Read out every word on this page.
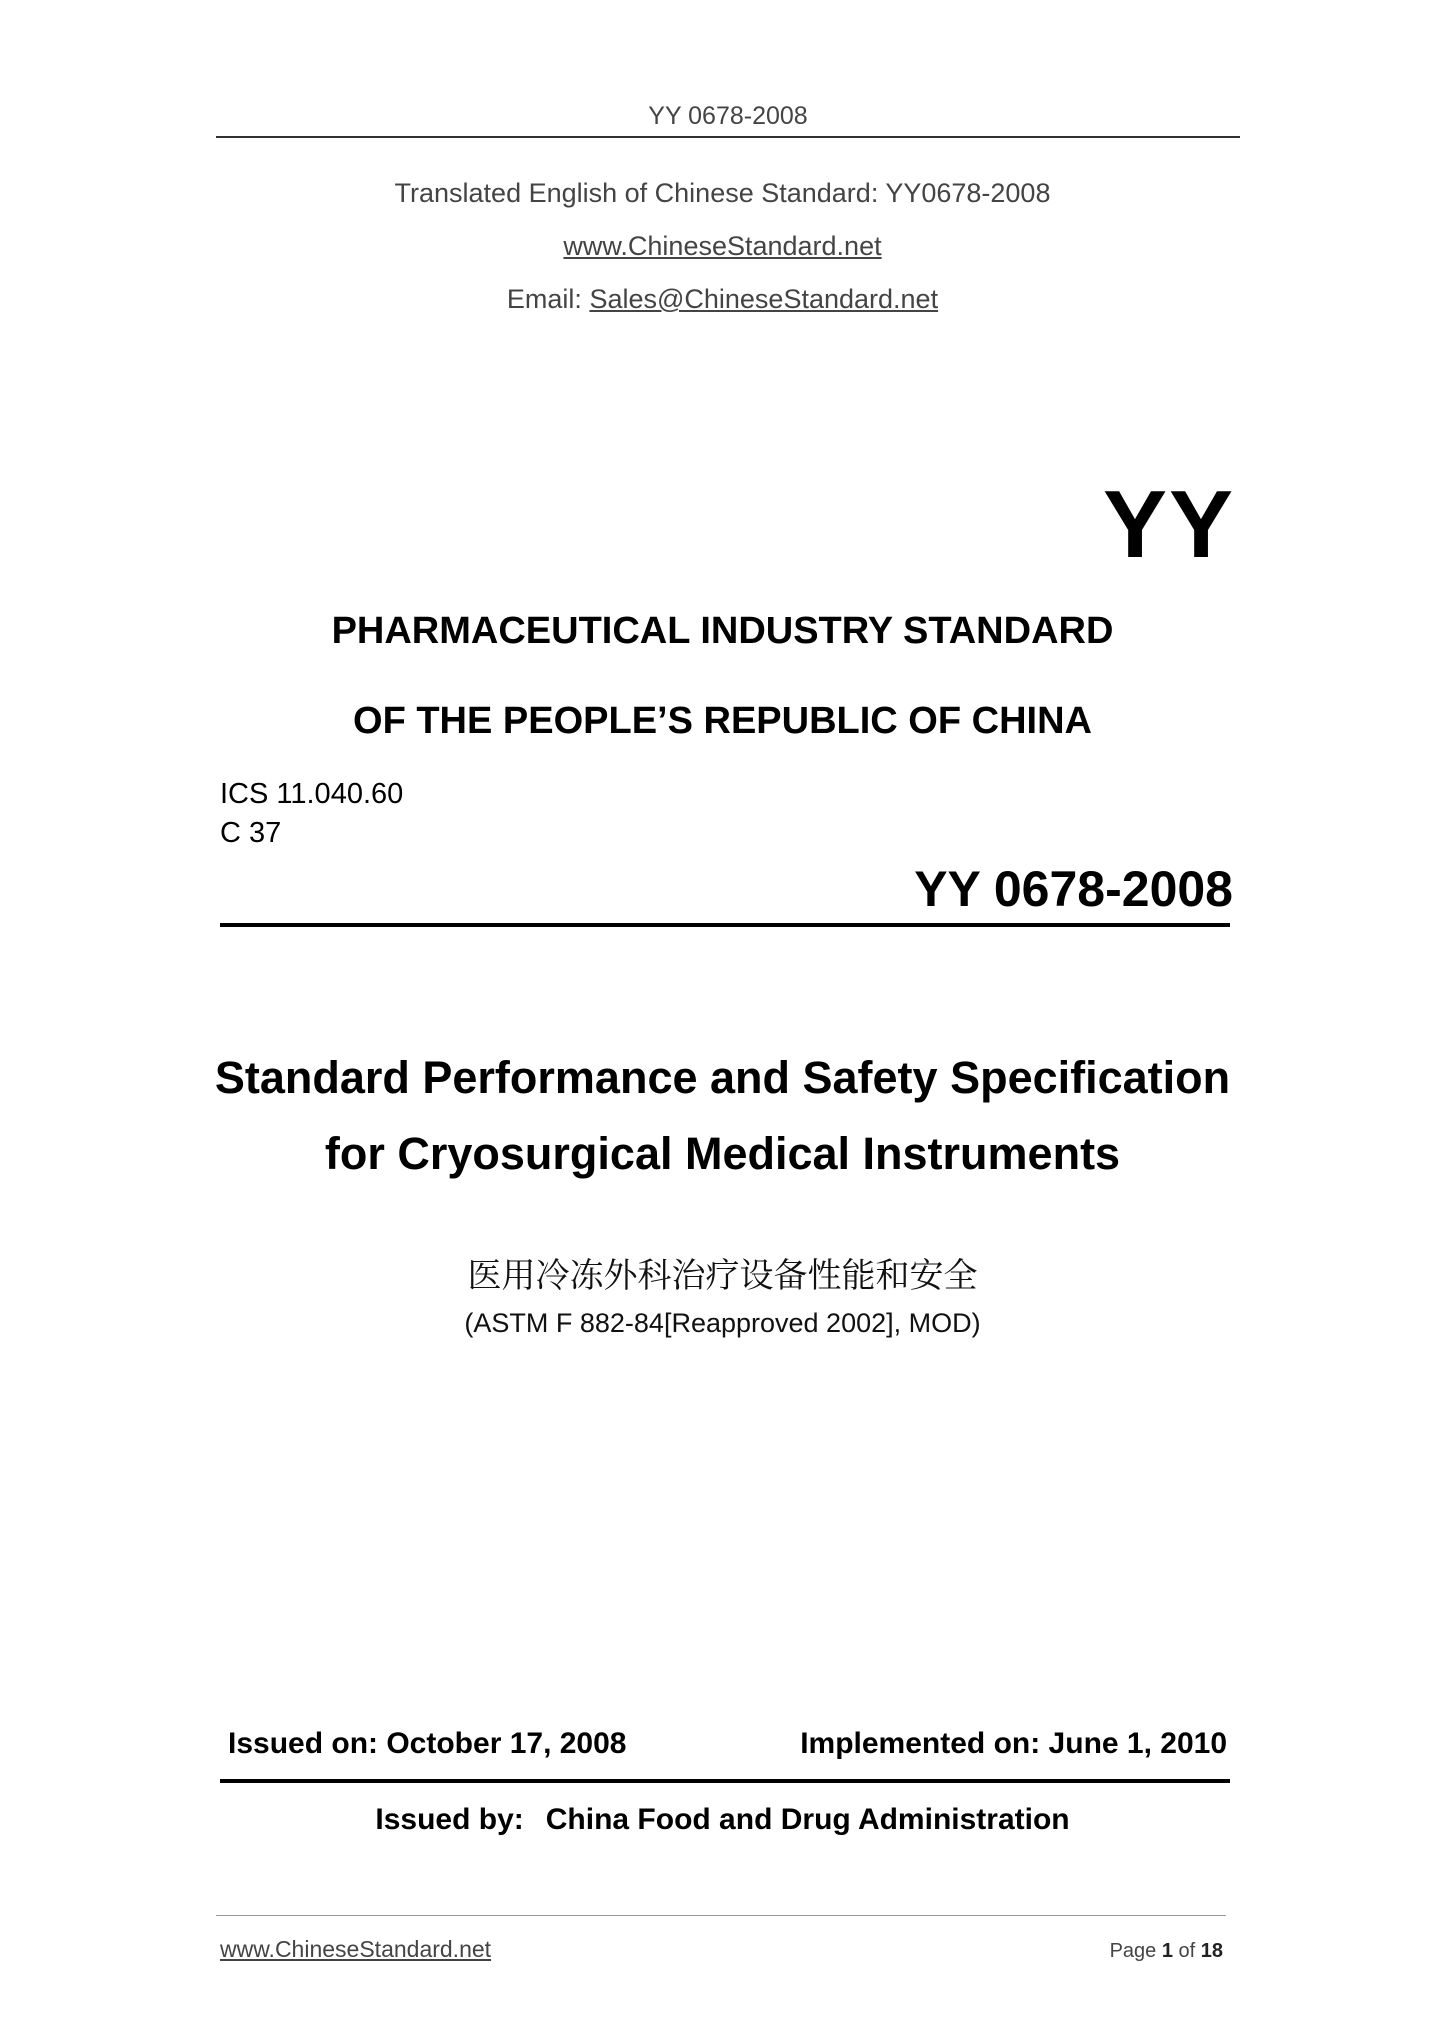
YY 0678-2008
Translated English of Chinese Standard: YY0678-2008
www.ChineseStandard.net
Email: Sales@ChineseStandard.net
YY
PHARMACEUTICAL INDUSTRY STANDARD
OF THE PEOPLE’S REPUBLIC OF CHINA
ICS 11.040.60
C 37
YY 0678-2008
Standard Performance and Safety Specification
for Cryosurgical Medical Instruments
医用冷冻外科治疗设备性能和安全
(ASTM F 882-84[Reapproved 2002], MOD)
Issued on: October 17, 2008	Implemented on: June 1, 2010
Issued by: China Food and Drug Administration
www.ChineseStandard.net	Page 1 of 18
